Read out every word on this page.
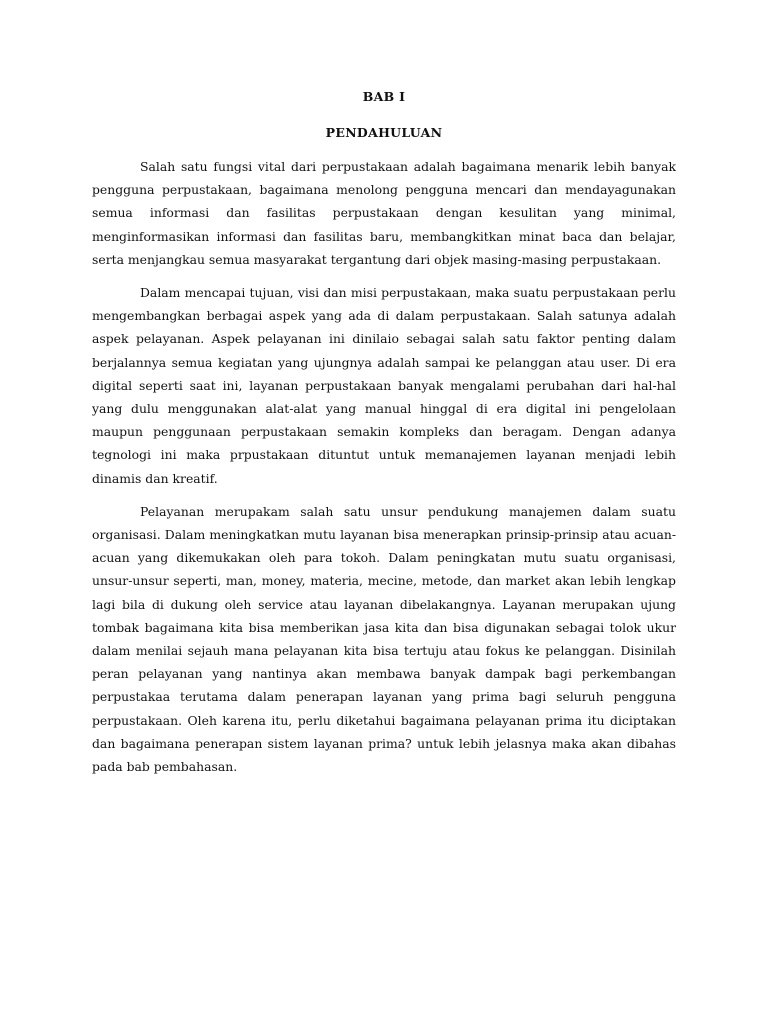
BAB I
PENDAHULUAN

Salah satu fungsi vital dari perpustakaan adalah bagaimana menarik lebih banyak pengguna perpustakaan, bagaimana menolong pengguna mencari dan mendayagunakan semua informasi dan fasilitas perpustakaan dengan kesulitan yang minimal, menginformasikan informasi dan fasilitas baru, membangkitkan minat baca dan belajar, serta menjangkau semua masyarakat tergantung dari objek masing-masing perpustakaan.

Dalam mencapai tujuan, visi dan misi perpustakaan, maka suatu perpustakaan perlu mengembangkan berbagai aspek yang ada di dalam perpustakaan. Salah satunya adalah aspek pelayanan. Aspek pelayanan ini dinilaio sebagai salah satu faktor penting dalam berjalannya semua kegiatan yang ujungnya adalah sampai ke pelanggan atau user. Di era digital seperti saat ini, layanan perpustakaan banyak mengalami perubahan dari hal-hal yang dulu menggunakan alat-alat yang manual hinggal di era digital ini pengelolaan maupun penggunaan perpustakaan semakin kompleks dan beragam. Dengan adanya tegnologi ini maka prpustakaan dituntut untuk memanajemen layanan menjadi lebih dinamis dan kreatif.

Pelayanan merupakam salah satu unsur pendukung manajemen dalam suatu organisasi. Dalam meningkatkan mutu layanan bisa menerapkan prinsip-prinsip atau acuan-acuan yang dikemukakan oleh para tokoh. Dalam peningkatan mutu suatu organisasi, unsur-unsur seperti, man, money, materia, mecine, metode, dan market akan lebih lengkap lagi bila di dukung oleh service atau layanan dibelakangnya. Layanan merupakan ujung tombak bagaimana kita bisa memberikan jasa kita dan bisa digunakan sebagai tolok ukur dalam menilai sejauh mana pelayanan kita bisa tertuju atau fokus ke pelanggan. Disinilah peran pelayanan yang nantinya akan membawa banyak dampak bagi perkembangan perpustakaa terutama dalam penerapan layanan yang prima bagi seluruh pengguna perpustakaan. Oleh karena itu, perlu diketahui bagaimana pelayanan prima itu diciptakan dan bagaimana penerapan sistem layanan prima? untuk lebih jelasnya maka akan dibahas pada bab pembahasan.
